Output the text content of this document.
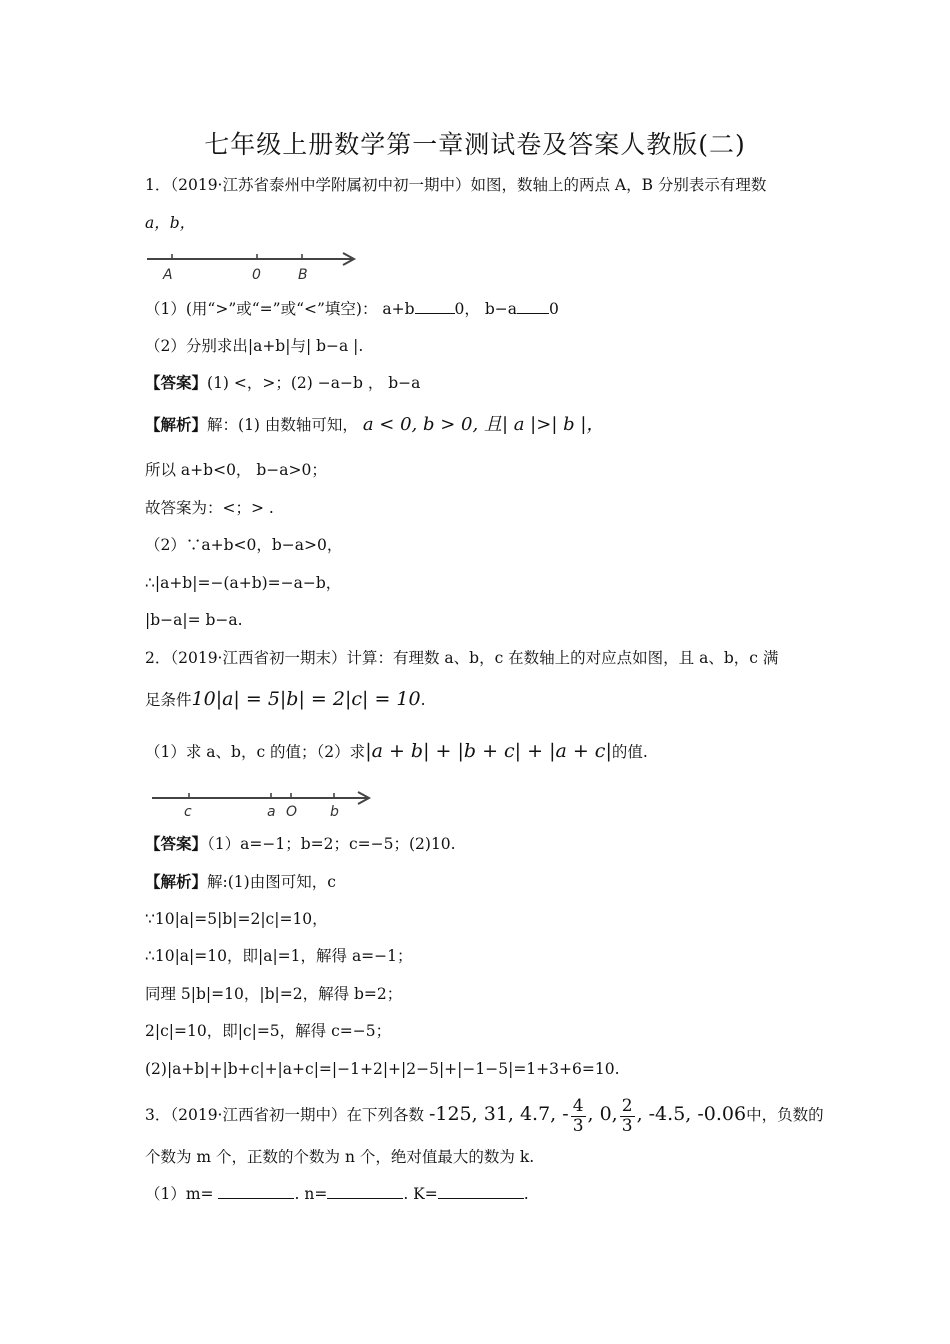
七年级上册数学第一章测试卷及答案人教版(二)
1．（2019·江苏省泰州中学附属初中初一期中）如图，数轴上的两点 A，B 分别表示有理数
a，b，
A	0	B
（1）(用“>”或“=”或“<”填空)： a+b	0， b−a 0
（2）分别求出|a+b|与| b−a |.
【答案】(1) <，>；(2) −a−b ， b−a
【解析】解：(1) 由数轴可知， a < 0, b > 0, 且| a |>| b |，
所以 a+b<0， b−a>0；
故答案为：<；> .
（2）∵a+b<0，b−a>0，
∴|a+b|=−(a+b)=−a−b，
|b−a|= b−a.
2．（2019·江西省初一期末）计算：有理数 a、b，c 在数轴上的对应点如图，且 a、b，c 满
足条件10|a| = 5|b| = 2|c| = 10.
（1）求 a、b，c 的值；（2）求|a + b| + |b + c| + |a + c|的值.
c	a O b
【答案】（1）a=−1；b=2；c=−5；(2)10.
【解析】解:(1)由图可知，c
∵10|a|=5|b|=2|c|=10，
∴10|a|=10，即|a|=1，解得 a=−1；
同理 5|b|=10，|b|=2，解得 b=2；
2|c|=10，即|c|=5，解得 c=−5；
(2)|a+b|+|b+c|+|a+c|=|−1+2|+|2−5|+|−1−5|=1+3+6=10.
3．（2019·江西省初一期中）在下列各数 -125, 31, 4.7, - $\frac{4}{3}$ , 0, $\frac{2}{3}$ , -4.5, -0.06中，负数的
个数为 m 个，正数的个数为 n 个，绝对值最大的数为 k.
（1）m=	. n=	. K=	.
